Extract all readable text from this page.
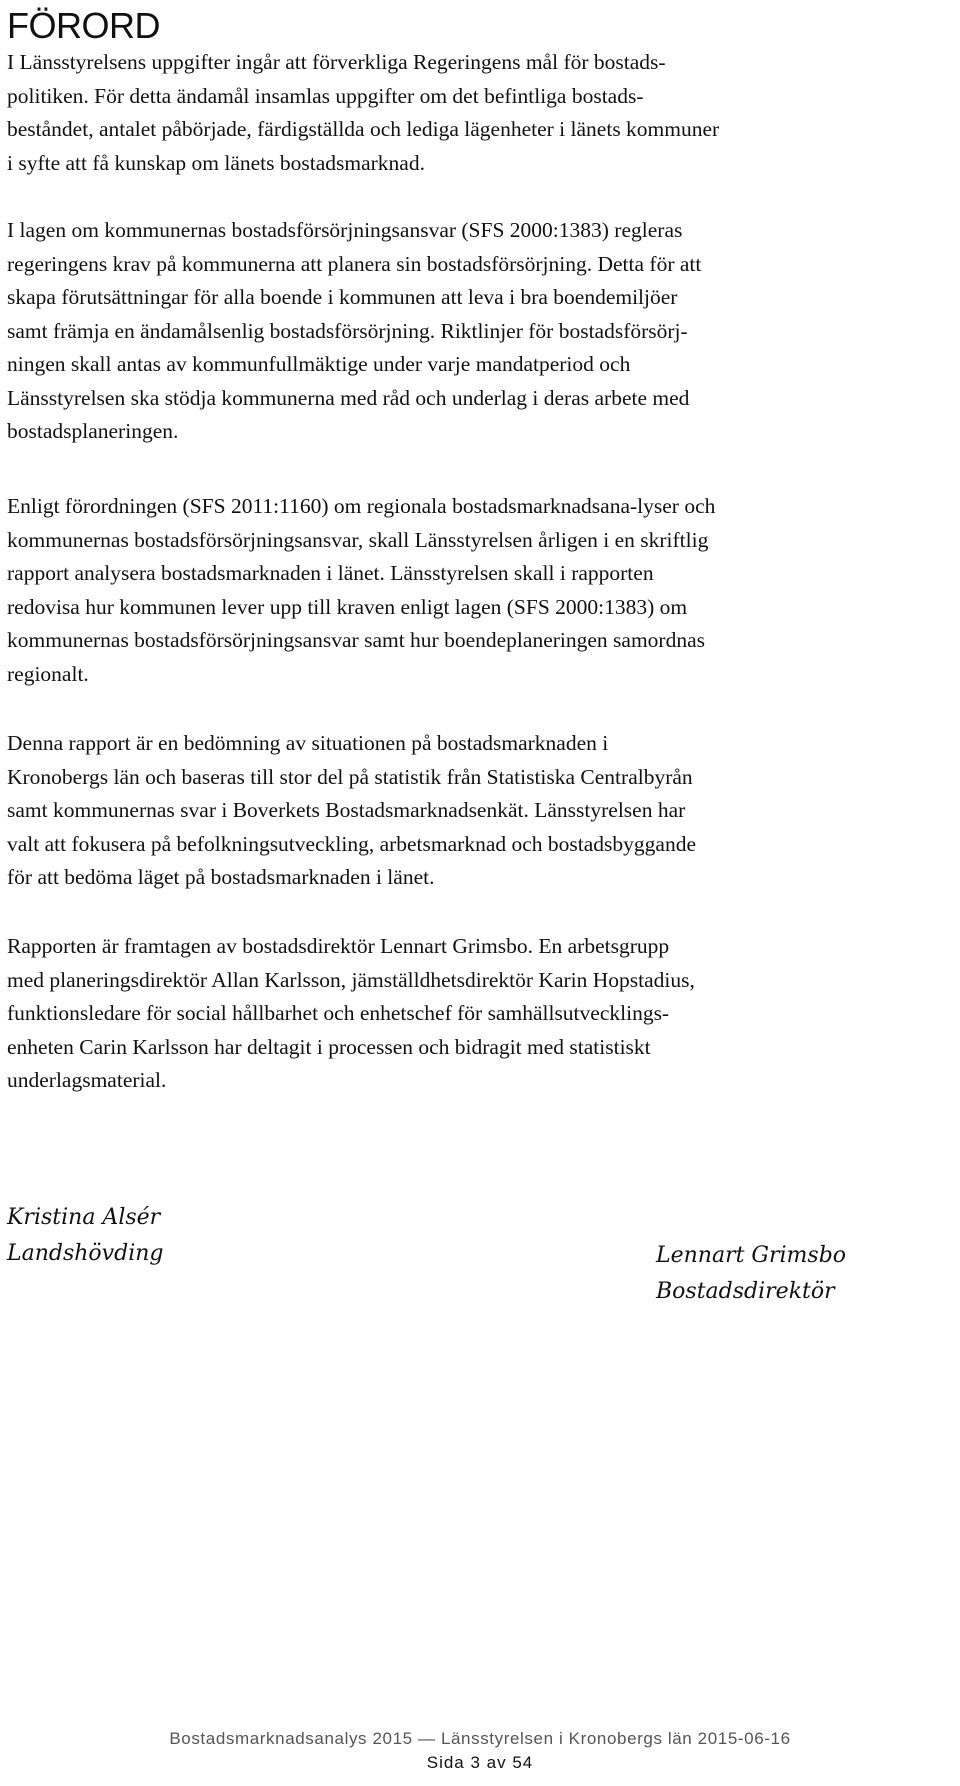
FÖRORD

I Länsstyrelsens uppgifter ingår att förverkliga Regeringens mål för bostads-
politiken. För detta ändamål insamlas uppgifter om det befintliga bostads-
beståndet, antalet påbörjade, färdigställda och lediga lägenheter i länets kommuner
i syfte att få kunskap om länets bostadsmarknad.

I lagen om kommunernas bostadsförsörjningsansvar (SFS 2000:1383) regleras
regeringens krav på kommunerna att planera sin bostadsförsörjning. Detta för att
skapa förutsättningar för alla boende i kommunen att leva i bra boendemiljöer
samt främja en ändamålsenlig bostadsförsörjning. Riktlinjer för bostadsförsörj-
ningen skall antas av kommunfullmäktige under varje mandatperiod och
Länsstyrelsen ska stödja kommunerna med råd och underlag i deras arbete med
bostadsplaneringen.

Enligt förordningen (SFS 2011:1160) om regionala bostadsmarknadsana-lyser och
kommunernas bostadsförsörjningsansvar, skall Länsstyrelsen årligen i en skriftlig
rapport analysera bostadsmarknaden i länet. Länsstyrelsen skall i rapporten
redovisa hur kommunen lever upp till kraven enligt lagen (SFS 2000:1383) om
kommunernas bostadsförsörjningsansvar samt hur boendeplaneringen samordnas
regionalt.

Denna rapport är en bedömning av situationen på bostadsmarknaden i
Kronobergs län och baseras till stor del på statistik från Statistiska Centralbyrån
samt kommunernas svar i Boverkets Bostadsmarknadsenkät. Länsstyrelsen har
valt att fokusera på befolkningsutveckling, arbetsmarknad och bostadsbyggande
för att bedöma läget på bostadsmarknaden i länet.

Rapporten är framtagen av bostadsdirektör Lennart Grimsbo. En arbetsgrupp
med planeringsdirektör Allan Karlsson, jämställdhetsdirektör Karin Hopstadius,
funktionsledare för social hållbarhet och enhetschef för samhällsutvecklings-
enheten Carin Karlsson har deltagit i processen och bidragit med statistiskt
underlagsmaterial.

Kristina Alsér
Landshövding	Lennart Grimsbo
Bostadsdirektör
Bostadsmarknadsanalys 2015 — Länsstyrelsen i Kronobergs län 2015-06-16
Sida 3 av 54
